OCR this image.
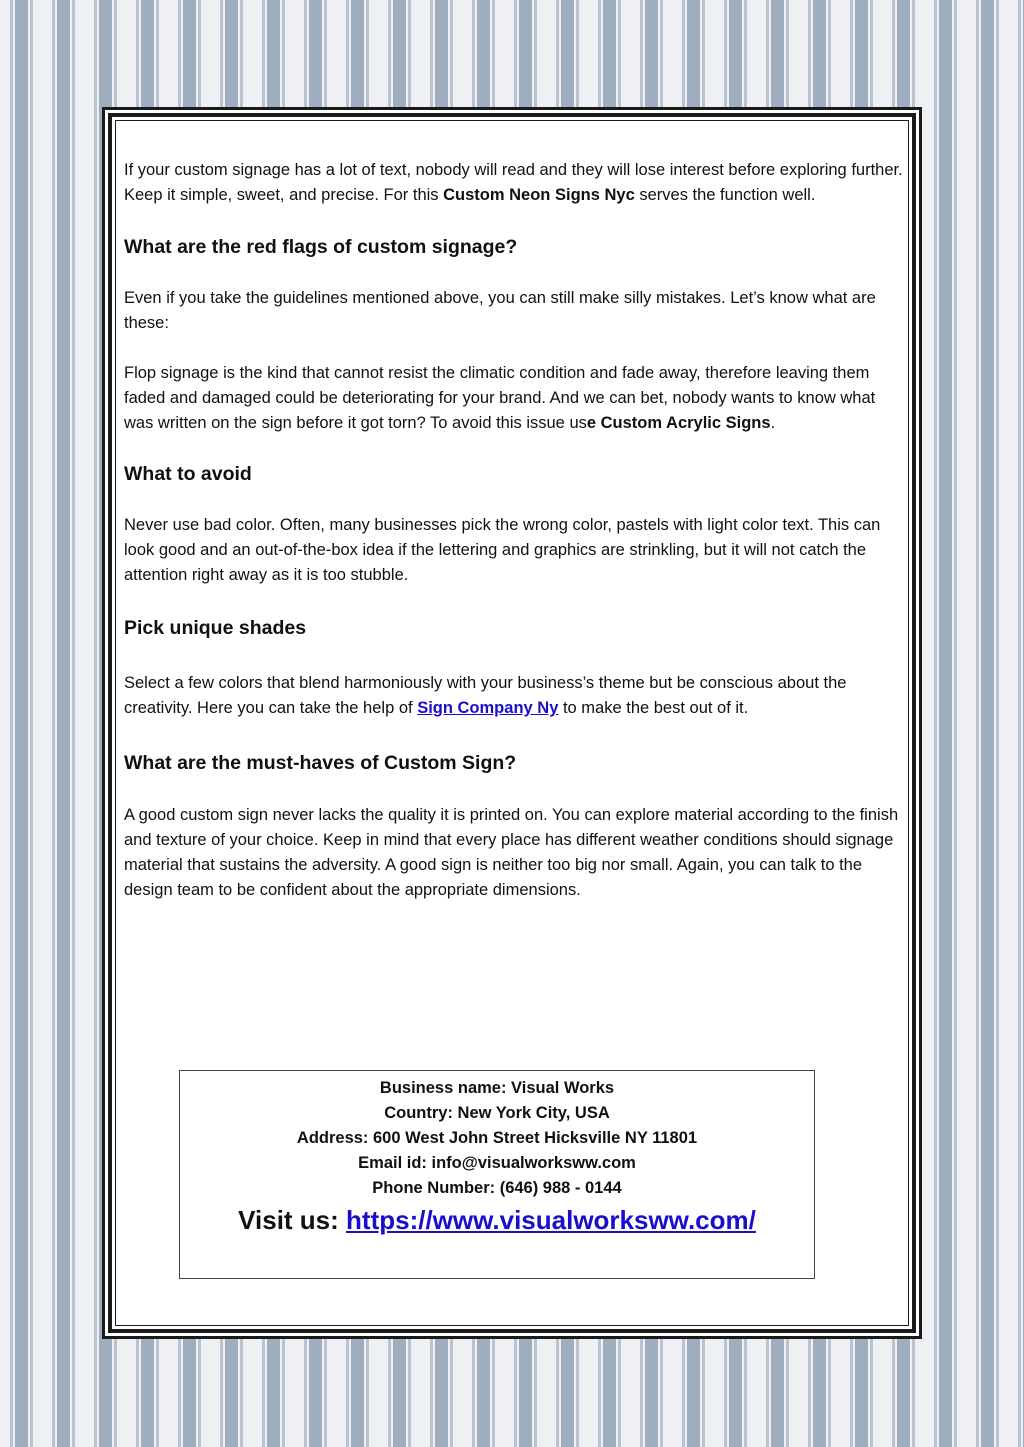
If your custom signage has a lot of text, nobody will read and they will lose interest before exploring further. Keep it simple, sweet, and precise. For this Custom Neon Signs Nyc serves the function well.

What are the red flags of custom signage?

Even if you take the guidelines mentioned above, you can still make silly mistakes. Let’s know what are these:

Flop signage is the kind that cannot resist the climatic condition and fade away, therefore leaving them faded and damaged could be deteriorating for your brand. And we can bet, nobody wants to know what was written on the sign before it got torn? To avoid this issue use Custom Acrylic Signs.

What to avoid

Never use bad color. Often, many businesses pick the wrong color, pastels with light color text. This can look good and an out-of-the-box idea if the lettering and graphics are strinkling, but it will not catch the attention right away as it is too stubble.

Pick unique shades

Select a few colors that blend harmoniously with your business’s theme but be conscious about the creativity. Here you can take the help of Sign Company Ny to make the best out of it.

What are the must-haves of Custom Sign?

A good custom sign never lacks the quality it is printed on. You can explore material according to the finish and texture of your choice. Keep in mind that every place has different weather conditions should signage material that sustains the adversity. A good sign is neither too big nor small. Again, you can talk to the design team to be confident about the appropriate dimensions.

Business name: Visual Works
Country: New York City, USA
Address: 600 West John Street Hicksville NY 11801
Email id: info@visualworksww.com
Phone Number: (646) 988 - 0144
Visit us: https://www.visualworksww.com/
